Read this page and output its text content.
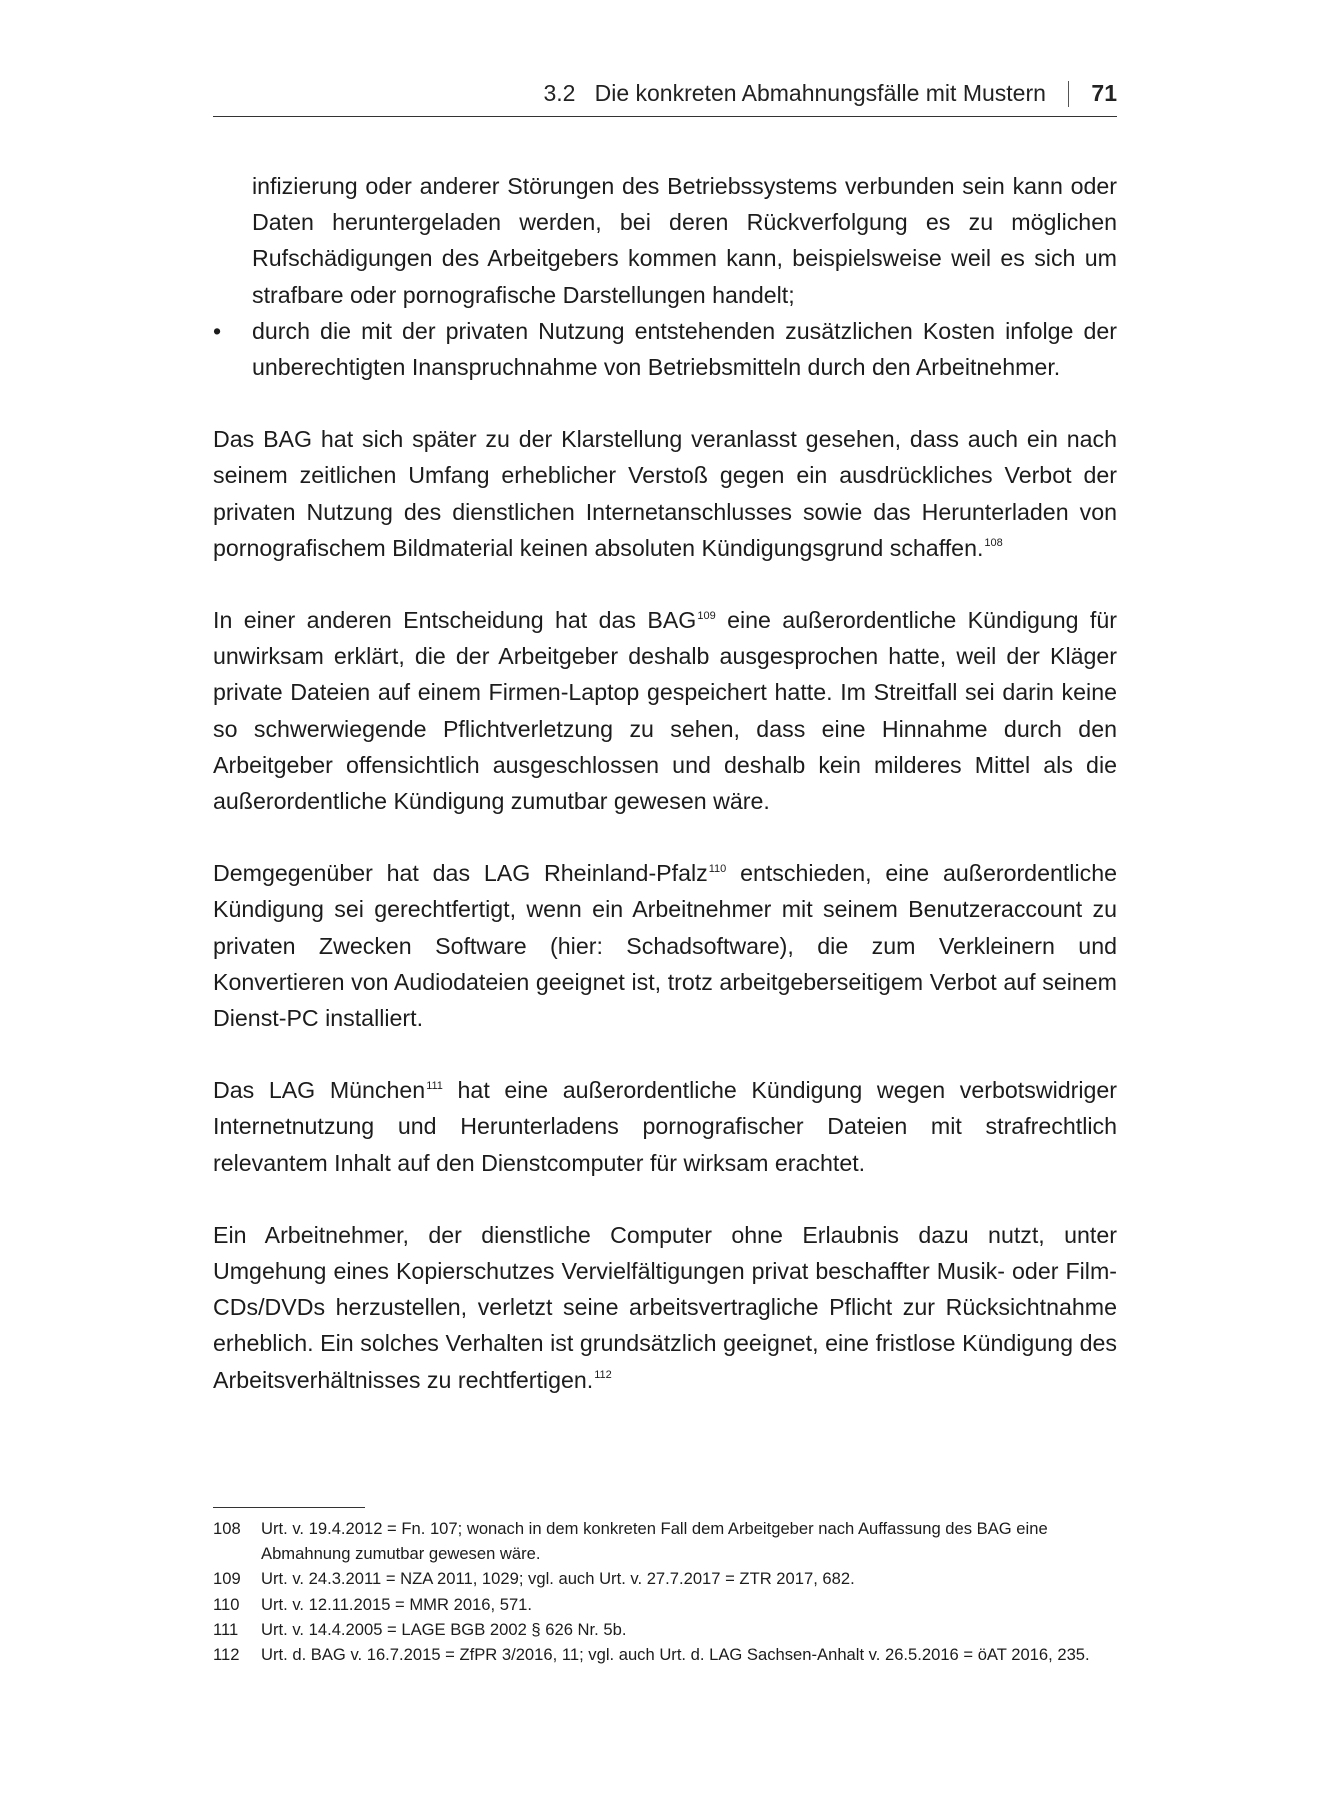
3.2   Die konkreten Abmahnungsfälle mit Mustern 71
infizierung oder anderer Störungen des Betriebssystems verbunden sein kann oder Daten heruntergeladen werden, bei deren Rückverfolgung es zu möglichen Rufschädigungen des Arbeitgebers kommen kann, beispielsweise weil es sich um strafbare oder pornografische Darstellungen handelt;
• durch die mit der privaten Nutzung entstehenden zusätzlichen Kosten infolge der unberechtigten Inanspruchnahme von Betriebsmitteln durch den Arbeitnehmer.

Das BAG hat sich später zu der Klarstellung veranlasst gesehen, dass auch ein nach seinem zeitlichen Umfang erheblicher Verstoß gegen ein ausdrückliches Verbot der privaten Nutzung des dienstlichen Internetanschlusses sowie das Herunterladen von pornografischem Bildmaterial keinen absoluten Kündigungsgrund schaffen.$^{108}$

In einer anderen Entscheidung hat das BAG$^{109}$ eine außerordentliche Kündigung für unwirksam erklärt, die der Arbeitgeber deshalb ausgesprochen hatte, weil der Kläger private Dateien auf einem Firmen-Laptop gespeichert hatte. Im Streitfall sei darin keine so schwerwiegende Pflichtverletzung zu sehen, dass eine Hinnahme durch den Arbeitgeber offensichtlich ausgeschlossen und deshalb kein milderes Mittel als die außerordentliche Kündigung zumutbar gewesen wäre.

Demgegenüber hat das LAG Rheinland-Pfalz$^{110}$ entschieden, eine außerordentliche Kündigung sei gerechtfertigt, wenn ein Arbeitnehmer mit seinem Benutzeraccount zu privaten Zwecken Software (hier: Schadsoftware), die zum Verkleinern und Konvertieren von Audiodateien geeignet ist, trotz arbeitgeberseitigem Verbot auf seinem Dienst-PC installiert.

Das LAG München$^{111}$ hat eine außerordentliche Kündigung wegen verbotswidriger Internetnutzung und Herunterladens pornografischer Dateien mit strafrechtlich relevantem Inhalt auf den Dienstcomputer für wirksam erachtet.

Ein Arbeitnehmer, der dienstliche Computer ohne Erlaubnis dazu nutzt, unter Umgehung eines Kopierschutzes Vervielfältigungen privat beschaffter Musik- oder Film-CDs/DVDs herzustellen, verletzt seine arbeitsvertragliche Pflicht zur Rücksichtnahme erheblich. Ein solches Verhalten ist grundsätzlich geeignet, eine fristlose Kündigung des Arbeitsverhältnisses zu rechtfertigen.$^{112}$

108	Urt. v. 19.4.2012 = Fn. 107; wonach in dem konkreten Fall dem Arbeitgeber nach Auffassung des BAG eine Abmahnung zumutbar gewesen wäre.
109	Urt. v. 24.3.2011 = NZA 2011, 1029; vgl. auch Urt. v. 27.7.2017 = ZTR 2017, 682.
110	Urt. v. 12.11.2015 = MMR 2016, 571.
111	Urt. v. 14.4.2005 = LAGE BGB 2002 § 626 Nr. 5b.
112	Urt. d. BAG v. 16.7.2015 = ZfPR 3/2016, 11; vgl. auch Urt. d. LAG Sachsen-Anhalt v. 26.5.2016 = öAT 2016, 235.
